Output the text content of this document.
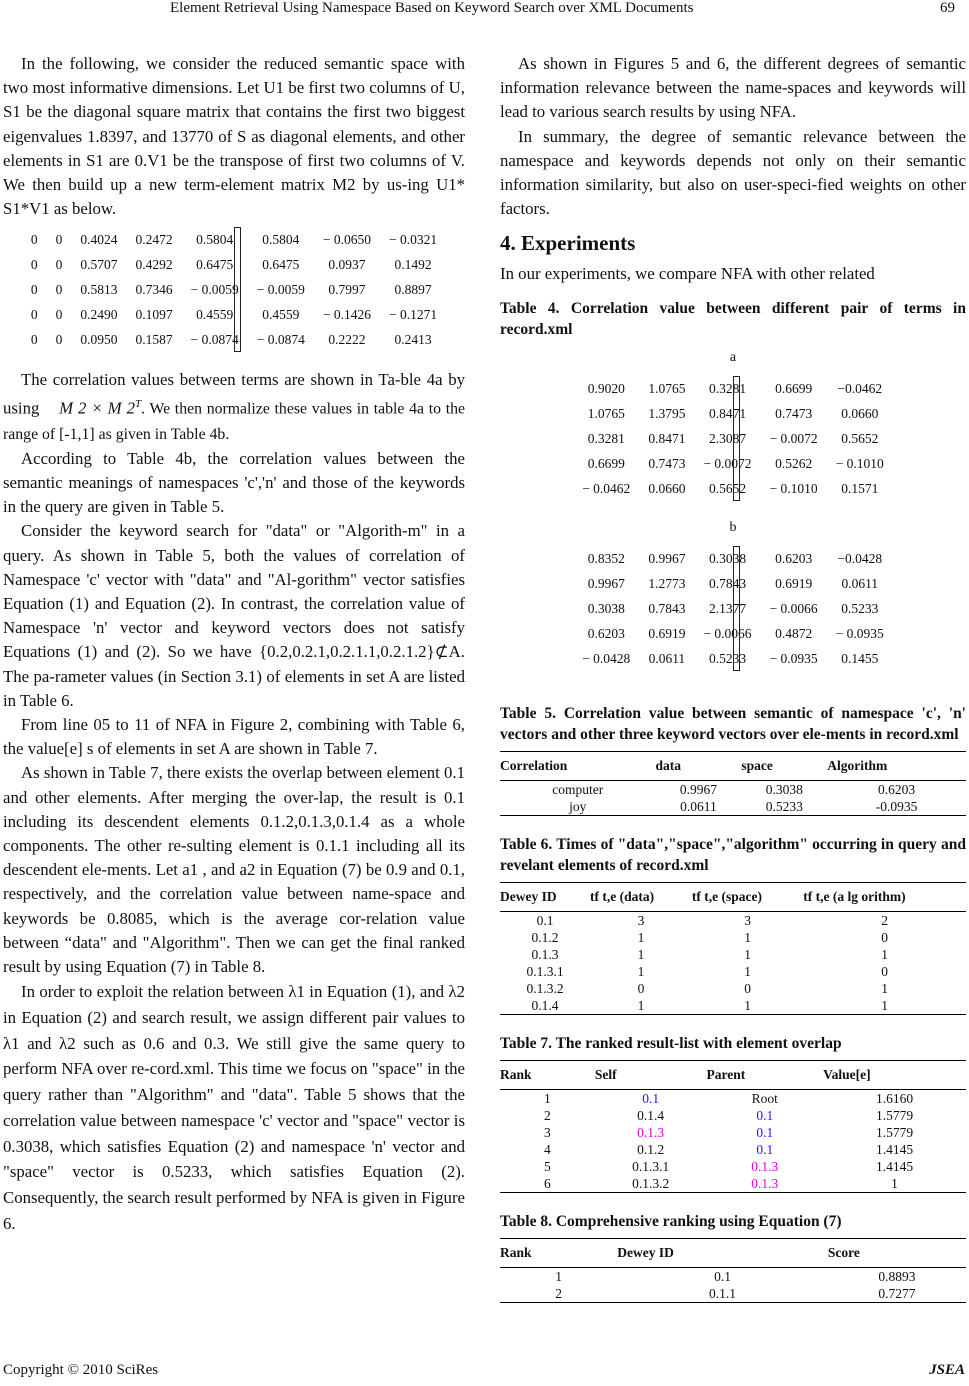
Element Retrieval Using Namespace Based on Keyword Search over XML Documents	69

In the following, we consider the reduced semantic space with two most informative dimensions. Let U1 be first two columns of U, S1 be the diagonal square matrix that contains the first two biggest eigenvalues 1.8397, and 13770 of S as diagonal elements, and other elements in S1 are 0.V1 be the transpose of first two columns of V. We then build up a new term-element matrix M2 by us-ing U1* S1*V1 as below.

0	0	0.4024	0.2472	0.5804	0.5804	− 0.0650	− 0.0321
0	0	0.5707	0.4292	0.6475	0.6475	0.0937	0.1492
0	0	0.5813	0.7346	− 0.0059	− 0.0059	0.7997	0.8897
0	0	0.2490	0.1097	0.4559	0.4559	− 0.1426	− 0.1271
0	0	0.0950	0.1587	− 0.0874	− 0.0874	0.2222	0.2413

The correlation values between terms are shown in Ta-ble 4a by using M 2 × M $2^T$. We then normalize these values in table 4a to the range of [-1,1] as given in Table 4b.

According to Table 4b, the correlation values between the semantic meanings of namespaces 'c','n' and those of the keywords in the query are given in Table 5.

Consider the keyword search for "data" or "Algorith-m" in a query. As shown in Table 5, both the values of correlation of Namespace 'c' vector with "data" and "Al-gorithm" vector satisfies Equation (1) and Equation (2). In contrast, the correlation value of Namespace 'n' vector and keyword vectors does not satisfy Equations (1) and (2). So we have {0.2,0.2.1,0.2.1.1,0.2.1.2}⊄A. The pa-rameter values (in Section 3.1) of elements in set A are listed in Table 6.

From line 05 to 11 of NFA in Figure 2, combining with Table 6, the value[e] s of elements in set A are shown in Table 7.

As shown in Table 7, there exists the overlap between element 0.1 and other elements. After merging the over-lap, the result is 0.1 including its descendent elements 0.1.2,0.1.3,0.1.4 as a whole components. The other re-sulting element is 0.1.1 including all its descendent ele-ments. Let a1 , and a2 in Equation (7) be 0.9 and 0.1, respectively, and the correlation value between name-space and keywords be 0.8085, which is the average cor-relation value between “data" and "Algorithm". Then we can get the final ranked result by using Equation (7) in Table 8.

In order to exploit the relation between λ1 in Equation (1), and λ2 in Equation (2) and search result, we assign different pair values to λ1 and λ2 such as 0.6 and 0.3. We still give the same query to perform NFA over re-cord.xml. This time we focus on "space" in the query rather than "Algorithm" and "data". Table 5 shows that the correlation value between namespace 'c' vector and "space" vector is 0.3038, which satisfies Equation (2) and namespace 'n' vector and "space" vector is 0.5233, which satisfies Equation (2). Consequently, the search result performed by NFA is given in Figure 6.

As shown in Figures 5 and 6, the different degrees of semantic information relevance between the name-spaces and keywords will lead to various search results by using NFA.

In summary, the degree of semantic relevance between the namespace and keywords depends not only on their semantic information similarity, but also on user-speci-fied weights on other factors.

4. Experiments

In our experiments, we compare NFA with other related

Table 4. Correlation value between different pair of terms in record.xml
a
0.9020	1.0765	0.3281	0.6699	−0.0462
1.0765	1.3795	0.8471	0.7473	0.0660
0.3281	0.8471	2.3087	− 0.0072	0.5652
0.6699	0.7473	− 0.0072	0.5262	− 0.1010
− 0.0462	0.0660	0.5652	− 0.1010	0.1571
b
0.8352	0.9967	0.3038	0.6203	−0.0428
0.9967	1.2773	0.7843	0.6919	0.0611
0.3038	0.7843	2.1377	− 0.0066	0.5233
0.6203	0.6919	− 0.0066	0.4872	− 0.0935
− 0.0428	0.0611	0.5233	− 0.0935	0.1455
Table 5. Correlation value between semantic of namespace 'c', 'n' vectors and other three keyword vectors over ele-ments in record.xml
Correlation	data	space	Algorithm
computer	0.9967	0.3038	0.6203
joy	0.0611	0.5233	-0.0935
Table 6. Times of "data","space","algorithm" occurring in query and revelant elements of record.xml
Dewey ID	tf t,e (data)	tf t,e (space)	tf t,e (a lg orithm)
0.1	3	3	2
0.1.2	1	1	0
0.1.3	1	1	1
0.1.3.1	1	1	0
0.1.3.2	0	0	1
0.1.4	1	1	1
Table 7. The ranked result-list with element overlap
Rank	Self	Parent	Value[e]
1	0.1	Root	1.6160
2	0.1.4	0.1	1.5779
3	0.1.3	0.1	1.5779
4	0.1.2	0.1	1.4145
5	0.1.3.1	0.1.3	1.4145
6	0.1.3.2	0.1.3	1
Table 8. Comprehensive ranking using Equation (7)
Rank	Dewey ID	Score
1	0.1	0.8893
2	0.1.1	0.7277
Copyright © 2010 SciRes	JSEA
